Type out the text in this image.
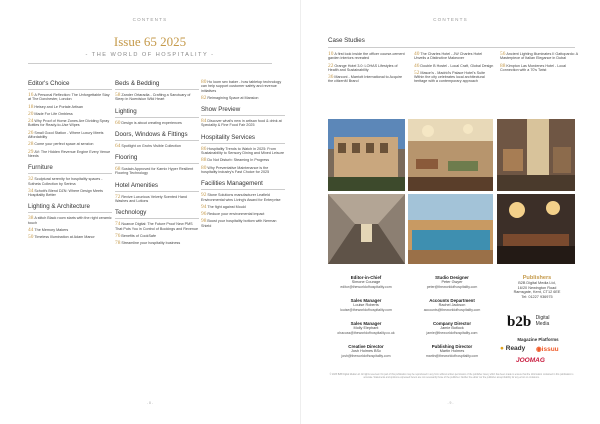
CONTENTS
Issue 65 2025
- THE WORLD OF HOSPITALITY -
Editor's Choice
16A Personal Reflection: The Unforgettable Stay at The Dorchester, London
18Heisey and Le Portale Artisan
20Made For Life Ombless
24Why Proof of Home Zones Are Dividing Spray Bottles for Ready-to-Use Wipes
26Small Good Station - Where Luxury Meets Affordability
28Come your perfect space at senzion
29AV: The Hidden Revenue Engine Every Venue Needs
Furniture
32Sculptural serenity for hospitality spaces - Sotheta Collection by Serima
34Schott's Blend DZN: Where Design Meets Hospitality Better
Lighting & Architecture
38A stitch Black room starts with the right ceramic touch
44The Memory Makers
50Timeless Illumination at Adam Manor
Beds & Bedding
58Zander Ortaradia - Crafting a Sanctuary of Sleep in Noerdsiun Wild Heart
Lighting
60Design is about creating experiences
Doors, Windows & Fittings
64Spotlight on Grohs Visible Collection
Flooring
68Sustain Approved for Karnix Hyper Resilient Flooring Technology
Hotel Amenities
72Revive Luxurious Velvety Scented Hand Washes and Lotions
Technology
74Nuance Digital: The Future Proof New PMS That Puts You in Control of Bookings and Revenue
76Benefits of CookSafe
78Streamline your hospitality business
80Ho loom sex baker - how tabletop technology can help support customer safety and revenue initiatives
82Reimagining Space at Mansion
Show Preview
84Discover what's new in artisan food & drink at Speciality & Fine Food Fair 2025
Hospitality Services
86Hospitality Trends to Watch in 2025: From Sustainability to Sensory Dining and Mixed Leisure
88Do Not Disturb: Steaming In Progress
80Why Preventative Maintenance is the hospitality industry's Fast Choice for 2025
Facilities Management
92Stone Solutions manufacturer Leafield Environmental wins Living's Award for Enterprise
94The fight against Mould
96Reduce your environmental impact
98Boost your hospitality bottom with Nerman Shield
- 8 -
CONTENTS
- 9 -
Case Studies
10A first look inside the officer course-cement garden interiors reveated
22Orange Hotel 3.0: LOHAS Lifestyles of Health and Sustainability
36Marconi - Marriott International to Acquire the citizenM Brand
40The Charles Hotel - JW Charles Hotel Unveils a Distinctive Makeover
46Double B Hostel - Local Craft, Global Design
52Mason's - Madrid's Palace Hotel's Suite Within the city celebrates local architectural heritage with a contemporary approach
56Ancient Lighting Illuminates II Gattopardo: A Masterpiece of Italian Elegance in Dubai
88Kimpton Las Mordenes Hotel - Local Connection with a 70's Twist
Editor-in-Chief
Simone Courage
editor@theworldofhospitality.com
Studio Designer
Peter Gwyer
peter@theworldofhospitality.com
Sales Manager
Louise Roberts
louise@theworldofhospitality.com
Accounts Department
Rachel Jackson
accounts@theworldofhospitality.com
Sales Manager
Molly Elephant
ohacuss@theworldofhospitality.co.uk
Company Director
Jamie Botlock
jamie@theworldofhospitality.com
Creative Director
Josh Holmes BSc
josh@theworldofhospitality.com
Publishing Director
Martin Holmes
martin@theworldofhospitality.com
Publishers
B2B Digital Media Ltd,
16/20 Newington Road
Ramsgate, Kent, CT12 6EE
Tel: 01227 936975
b2b Digital Media
Magazine Platforms
● Ready ◉issuu
JOOMAG
© 2025 B2B Digital Media Ltd. All rights reserved. No part of this publication may be reproduced in any form without written permission of the publisher. Every effort has been made to ensure that the information contained in this publication is accurate. Statements and opinions expressed herein are not necessarily those of the publisher. Neither the editor nor the publisher accept liability for any errors or omissions.
